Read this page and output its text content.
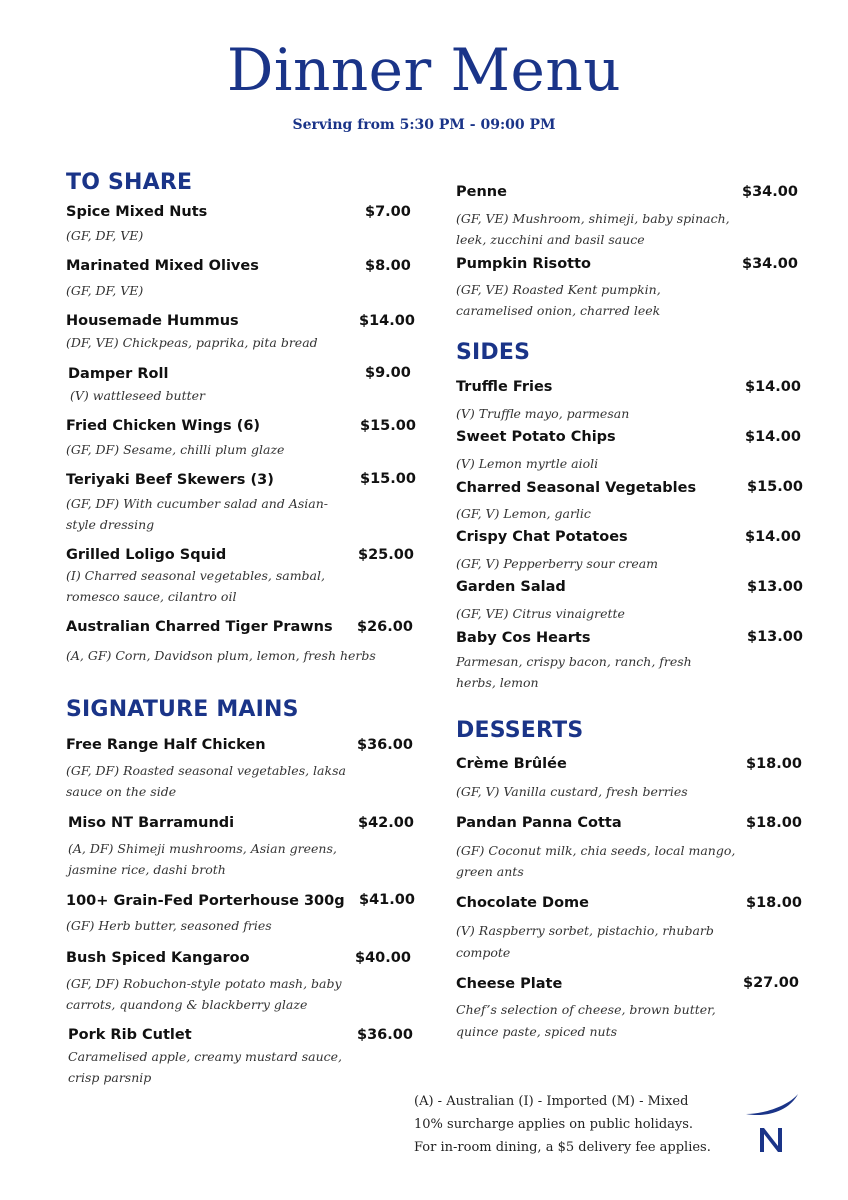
Dinner Menu
Serving from 5:30 PM - 09:00 PM
TO SHARE
Spice Mixed Nuts	$7.00
(GF, DF, VE)
Marinated Mixed Olives	$8.00
(GF, DF, VE)
Housemade Hummus	$14.00
(DF, VE) Chickpeas, paprika, pita bread
Damper Roll	$9.00
(V) wattleseed butter
Fried Chicken Wings (6)	$15.00
(GF, DF) Sesame, chilli plum glaze
Teriyaki Beef Skewers (3)	$15.00
(GF, DF) With cucumber salad and Asian-
style dressing
Grilled Loligo Squid	$25.00
(I) Charred seasonal vegetables, sambal,
romesco sauce, cilantro oil
Australian Charred Tiger Prawns $26.00
(A, GF) Corn, Davidson plum, lemon, fresh herbs
SIGNATURE MAINS
Free Range Half Chicken	$36.00
(GF, DF) Roasted seasonal vegetables, laksa
sauce on the side
Miso NT Barramundi	$42.00
(A, DF) Shimeji mushrooms, Asian greens,
jasmine rice, dashi broth
100+ Grain-Fed Porterhouse 300g $41.00
(GF) Herb butter, seasoned fries
Bush Spiced Kangaroo	$40.00
(GF, DF) Robuchon-style potato mash, baby
carrots, quandong & blackberry glaze
Pork Rib Cutlet	$36.00
Caramelised apple, creamy mustard sauce,
crisp parsnip
Penne	$34.00
(GF, VE) Mushroom, shimeji, baby spinach,
leek, zucchini and basil sauce
Pumpkin Risotto	$34.00
(GF, VE) Roasted Kent pumpkin,
caramelised onion, charred leek
SIDES
Truffle Fries	$14.00
(V) Truffle mayo, parmesan
Sweet Potato Chips	$14.00
(V) Lemon myrtle aioli
Charred Seasonal Vegetables	$15.00
(GF, V) Lemon, garlic
Crispy Chat Potatoes	$14.00
(GF, V) Pepperberry sour cream
Garden Salad	$13.00
(GF, VE) Citrus vinaigrette
Baby Cos Hearts	$13.00
Parmesan, crispy bacon, ranch, fresh
herbs, lemon
DESSERTS
Crème Brûlée	$18.00
(GF, V) Vanilla custard, fresh berries
Pandan Panna Cotta	$18.00
(GF) Coconut milk, chia seeds, local mango,
green ants
Chocolate Dome	$18.00
(V) Raspberry sorbet, pistachio, rhubarb
compote
Cheese Plate	$27.00
Chef’s selection of cheese, brown butter,
quince paste, spiced nuts
(A) - Australian (I) - Imported (M) - Mixed
10% surcharge applies on public holidays.
For in-room dining, a $5 delivery fee applies.
